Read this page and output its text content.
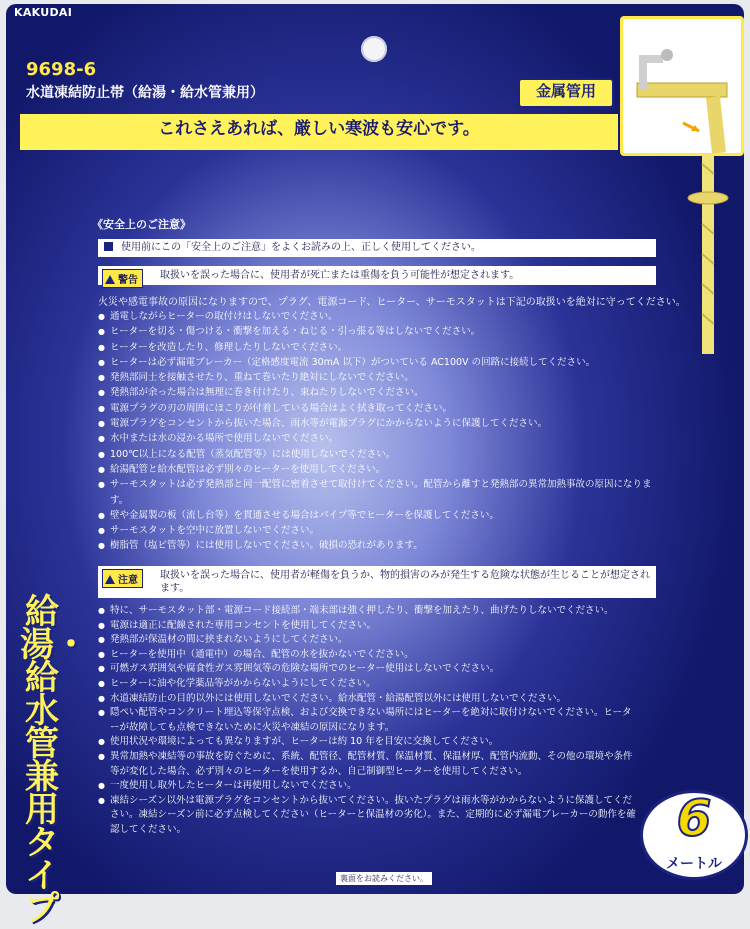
KAKUDAI
9698-6
水道凍結防止帯（給湯・給水管兼用）	金属管用
これさえあれば、厳しい寒波も安心です。
給湯・給水管兼用タイプ
6
メートル
《安全上のご注意》
使用前にこの「安全上のご注意」をよくお読みの上、正しく使用してください。
警告	取扱いを誤った場合に、使用者が死亡または重傷を負う可能性が想定されます。
火災や感電事故の原因になりますので、プラグ、電源コード、ヒーター、サーモスタットは下記の取扱いを絶対に守ってください。
● 通電しながらヒーターの取付けはしないでください。
● ヒーターを切る・傷つける・衝撃を加える・ねじる・引っ張る等はしないでください。
● ヒーターを改造したり、修理したりしないでください。
● ヒーターは必ず漏電ブレーカー（定格感度電流 30mA 以下）がついている AC100V の回路に接続してください。
● 発熱部同士を接触させたり、重ねて巻いたり絶対にしないでください。
● 発熱部が余った場合は無理に巻き付けたり、束ねたりしないでください。
● 電源プラグの刃の周囲にほこりが付着している場合はよく拭き取ってください。
● 電源プラグをコンセントから抜いた場合、雨水等が電源プラグにかからないように保護してください。
● 水中または水の浸かる場所で使用しないでください。
● 100℃以上になる配管（蒸気配管等）には使用しないでください。
● 給湯配管と給水配管は必ず別々のヒーターを使用してください。
● サーモスタットは必ず発熱部と同一配管に密着させて取付けてください。配管から離すと発熱部の異常加熱事故の原因になります。
● 壁や金属製の板（流し台等）を貫通させる場合はパイプ等でヒーターを保護してください。
● サーモスタットを空中に放置しないでください。
● 樹脂管（塩ビ管等）には使用しないでください。破損の恐れがあります。
注意	取扱いを誤った場合に、使用者が軽傷を負うか、物的損害のみが発生する危険な状態が生じることが想定されます。
● 特に、サーモスタット部・電源コード接続部・端末部は強く押したり、衝撃を加えたり、曲げたりしないでください。
● 電源は適正に配線された専用コンセントを使用してください。
● 発熱部が保温材の間に挟まれないようにしてください。
● ヒーターを使用中（通電中）の場合、配管の水を抜かないでください。
● 可燃ガス雰囲気や腐食性ガス雰囲気等の危険な場所でのヒーター使用はしないでください。
● ヒーターに油や化学薬品等がかからないようにしてください。
● 水道凍結防止の目的以外には使用しないでください。給水配管・給湯配管以外には使用しないでください。
● 隠ぺい配管やコンクリート埋込等保守点検、および交換できない場所にはヒーターを絶対に取付けないでください。ヒーターが故障しても点検できないために火災や凍結の原因になります。
● 使用状況や環境によっても異なりますが、ヒーターは約 10 年を目安に交換してください。
● 異常加熱や凍結等の事故を防ぐために、系統、配管径、配管材質、保温材質、保温材厚、配管内流動、その他の環境や条件等が変化した場合、必ず別々のヒーターを使用するか、自己制御型ヒーターを使用してください。
● 一度使用し取外したヒーターは再使用しないでください。
● 凍結シーズン以外は電源プラグをコンセントから抜いてください。抜いたプラグは雨水等がかからないように保護してください。凍結シーズン前に必ず点検してください（ヒーターと保温材の劣化）。また、定期的に必ず漏電ブレーカーの動作を確認してください。
裏面をお読みください。
